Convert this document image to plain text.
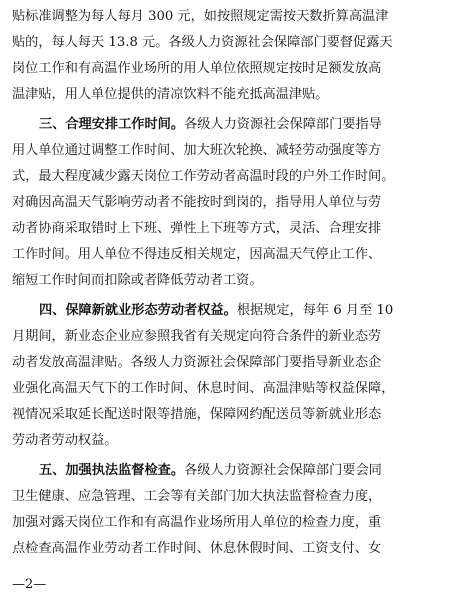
贴标准调整为每人每月 300 元，如按照规定需按天数折算高温津
贴的，每人每天 13.8 元。各级人力资源社会保障部门要督促露天
岗位工作和有高温作业场所的用人单位依照规定按时足额发放高
温津贴，用人单位提供的清凉饮料不能充抵高温津贴。
三、合理安排工作时间。各级人力资源社会保障部门要指导
用人单位通过调整工作时间、加大班次轮换、减轻劳动强度等方
式，最大程度减少露天岗位工作劳动者高温时段的户外工作时间。
对确因高温天气影响劳动者不能按时到岗的，指导用人单位与劳
动者协商采取错时上下班、弹性上下班等方式，灵活、合理安排
工作时间。用人单位不得违反相关规定，因高温天气停止工作、
缩短工作时间而扣除或者降低劳动者工资。
四、保障新就业形态劳动者权益。根据规定，每年 6 月至 10
月期间，新业态企业应参照我省有关规定向符合条件的新业态劳
动者发放高温津贴。各级人力资源社会保障部门要指导新业态企
业强化高温天气下的工作时间、休息时间、高温津贴等权益保障，
视情况采取延长配送时限等措施，保障网约配送员等新就业形态
劳动者劳动权益。
五、加强执法监督检查。各级人力资源社会保障部门要会同
卫生健康、应急管理、工会等有关部门加大执法监督检查力度，
加强对露天岗位工作和有高温作业场所用人单位的检查力度，重
点检查高温作业劳动者工作时间、休息休假时间、工资支付、女
—2—
